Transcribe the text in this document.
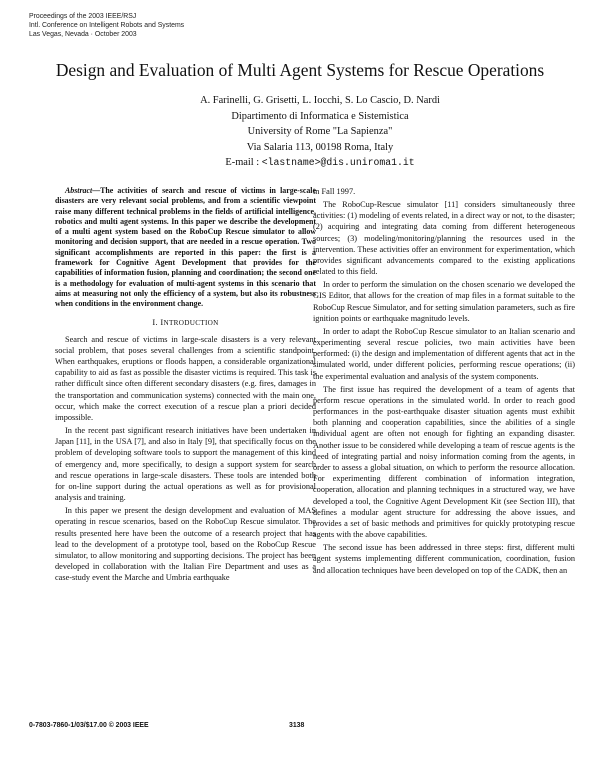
Proceedings of the 2003 IEEE/RSJ
Intl. Conference on Intelligent Robots and Systems
Las Vegas, Nevada · October 2003
Design and Evaluation of Multi Agent Systems for Rescue Operations
A. Farinelli, G. Grisetti, L. Iocchi, S. Lo Cascio, D. Nardi
Dipartimento di Informatica e Sistemistica
University of Rome "La Sapienza"
Via Salaria 113, 00198 Roma, Italy
E-mail : <lastname>@dis.uniroma1.it

Abstract—The activities of search and rescue of victims in large-scale disasters are very relevant social problems, and from a scientific viewpoint raise many different technical problems in the fields of artificial intelligence, robotics and multi agent systems. In this paper we describe the development of a multi agent system based on the RoboCup Rescue simulator to allow monitoring and decision support, that are needed in a rescue operation. Two significant accomplishments are reported in this paper: the first is a framework for Cognitive Agent Development that provides for the capabilities of information fusion, planning and coordination; the second one is a methodology for evaluation of multi-agent systems in this scenario that aims at measuring not only the efficiency of a system, but also its robustness when conditions in the environment change.

I. INTRODUCTION

Search and rescue of victims in large-scale disasters is a very relevant social problem, that poses several challenges from a scientific standpoint. When earthquakes, eruptions or floods happen, a considerable organizational capability to aid as fast as possible the disaster victims is required. This task is rather difficult since often different secondary disasters (e.g. fires, damages in the transportation and communication systems) connected with the main one, occur, which make the correct execution of a rescue plan a priori decided impossible.

In the recent past significant research initiatives have been undertaken in Japan [11], in the USA [7], and also in Italy [9], that specifically focus on the problem of developing software tools to support the management of this kind of emergency and, more specifically, to design a support system for search and rescue operations in large-scale disasters. These tools are intended both for on-line support during the actual operations as well as for provisional analysis and training.

In this paper we present the design development and evaluation of MAS operating in rescue scenarios, based on the RoboCup Rescue simulator. The results presented here have been the outcome of a research project that has lead to the development of a prototype tool, based on the RoboCup Rescue simulator, to allow monitoring and supporting decisions. The project has been developed in collaboration with the Italian Fire Department and uses as a case-study event the Marche and Umbria earthquake

in Fall 1997.

The RoboCup-Rescue simulator [11] considers simultaneously three activities: (1) modeling of events related, in a direct way or not, to the disaster; (2) acquiring and integrating data coming from different heterogeneous sources; (3) modeling/monitoring/planning the resources used in the intervention. These activities offer an environment for experimentation, which provides significant advancements compared to the existing applications related to this field.

In order to perform the simulation on the chosen scenario we developed the GIS Editor, that allows for the creation of map files in a format suitable to the RoboCup Rescue Simulator, and for setting simulation parameters, such as fire ignition points or earthquake magnitudo levels.

In order to adapt the RoboCup Rescue simulator to an Italian scenario and experimenting several rescue policies, two main activities have been performed: (i) the design and implementation of different agents that act in the simulated world, under different policies, performing rescue operations; (ii) the experimental evaluation and analysis of the system components.

The first issue has required the development of a team of agents that perform rescue operations in the simulated world. In order to reach good performances in the post-earthquake disaster situation agents must exhibit both planning and cooperation capabilities, since the abilities of a single individual agent are often not enough for fighting an expanding disaster. Another issue to be considered while developing a team of rescue agents is the need of integrating partial and noisy information coming from the agents, in order to assess a global situation, on which to perform the resource allocation. For experimenting different combination of information integration, cooperation, allocation and planning techniques in a structured way, we have developed a tool, the Cognitive Agent Development Kit (see Section III), that defines a modular agent structure for addressing the above issues, and provides a set of basic methods and primitives for quickly prototyping rescue agents with the above capabilities.

The second issue has been addressed in three steps: first, different multi agent systems implementing different communication, coordination, fusion and allocation techniques have been developed on top of the CADK, then an

0-7803-7860-1/03/$17.00 © 2003 IEEE	3138
